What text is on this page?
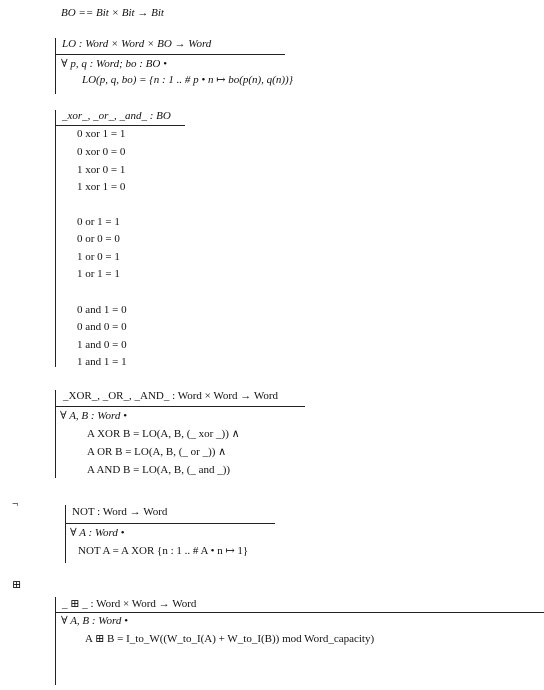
BO == Bit × Bit → Bit
LO : Word × Word × BO → Word
∀ p, q : Word; bo : BO •
LO(p, q, bo) = {n : 1 .. # p • n ↦ bo(p(n), q(n))}
_xor_, _or_, _and_ : BO
0 xor 1 = 1
0 xor 0 = 0
1 xor 0 = 1
1 xor 1 = 0
0 or 1 = 1
0 or 0 = 0
1 or 0 = 1
1 or 1 = 1
0 and 1 = 0
0 and 0 = 0
1 and 0 = 0
1 and 1 = 1
_XOR_, _OR_, _AND_ : Word × Word → Word
∀ A, B : Word •
A XOR B = LO(A, B, (_ xor _)) ∧
A OR B = LO(A, B, (_ or _)) ∧
A AND B = LO(A, B, (_ and _))
¬
NOT : Word → Word
∀ A : Word •
NOT A = A XOR {n : 1 .. # A • n ↦ 1}
⊞
_ ⊞ _ : Word × Word → Word
∀ A, B : Word •
A ⊞ B = I_to_W((W_to_I(A) + W_to_I(B)) mod Word_capacity)
